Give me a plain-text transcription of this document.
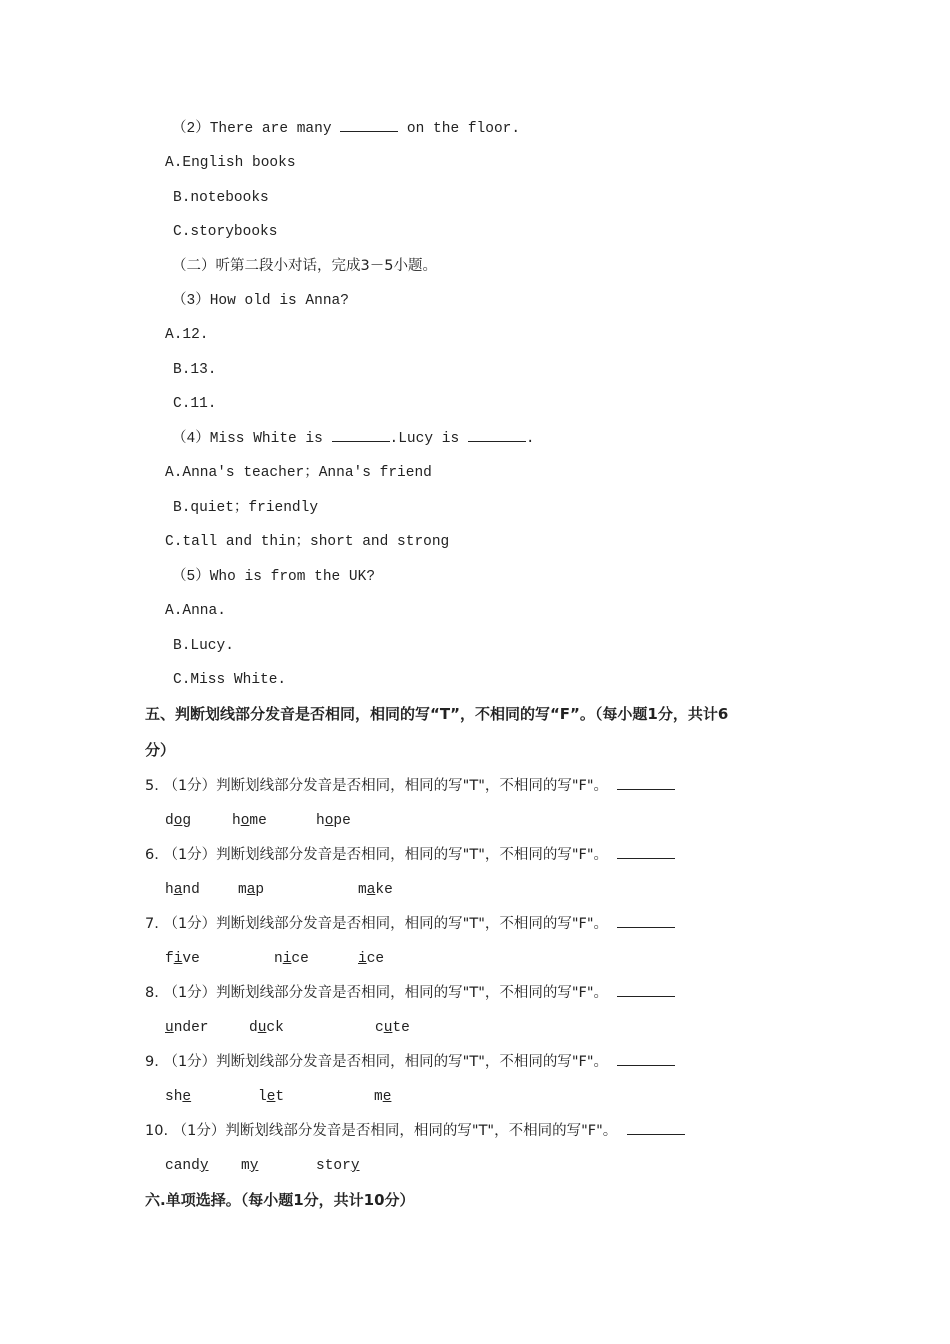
（2）There are many	on the floor.
A.English books
B.notebooks
C.storybooks
（二）听第二段小对话，完成3－5小题。
（3）How old is Anna?
A.12.
B.13.
C.11.
（4）Miss White is	.Lucy is	.
A.Anna's teacher；Anna's friend
B.quiet；friendly
C.tall and thin；short and strong
（5）Who is from the UK?
A.Anna.
B.Lucy.
C.Miss White.
五、判断划线部分发音是否相同，相同的写“T”，不相同的写“F”。（每小题1分，共计6
分）
5. （1分）判断划线部分发音是否相同，相同的写"T"，不相同的写"F"。
dog	home	hope
6. （1分）判断划线部分发音是否相同，相同的写"T"，不相同的写"F"。
hand	map	make
7. （1分）判断划线部分发音是否相同，相同的写"T"，不相同的写"F"。
five	nice	ice
8. （1分）判断划线部分发音是否相同，相同的写"T"，不相同的写"F"。
under	duck	cute
9. （1分）判断划线部分发音是否相同，相同的写"T"，不相同的写"F"。
she	let	me
10. （1分）判断划线部分发音是否相同，相同的写"T"，不相同的写"F"。
candy my	story
六.单项选择。（每小题1分，共计10分）
